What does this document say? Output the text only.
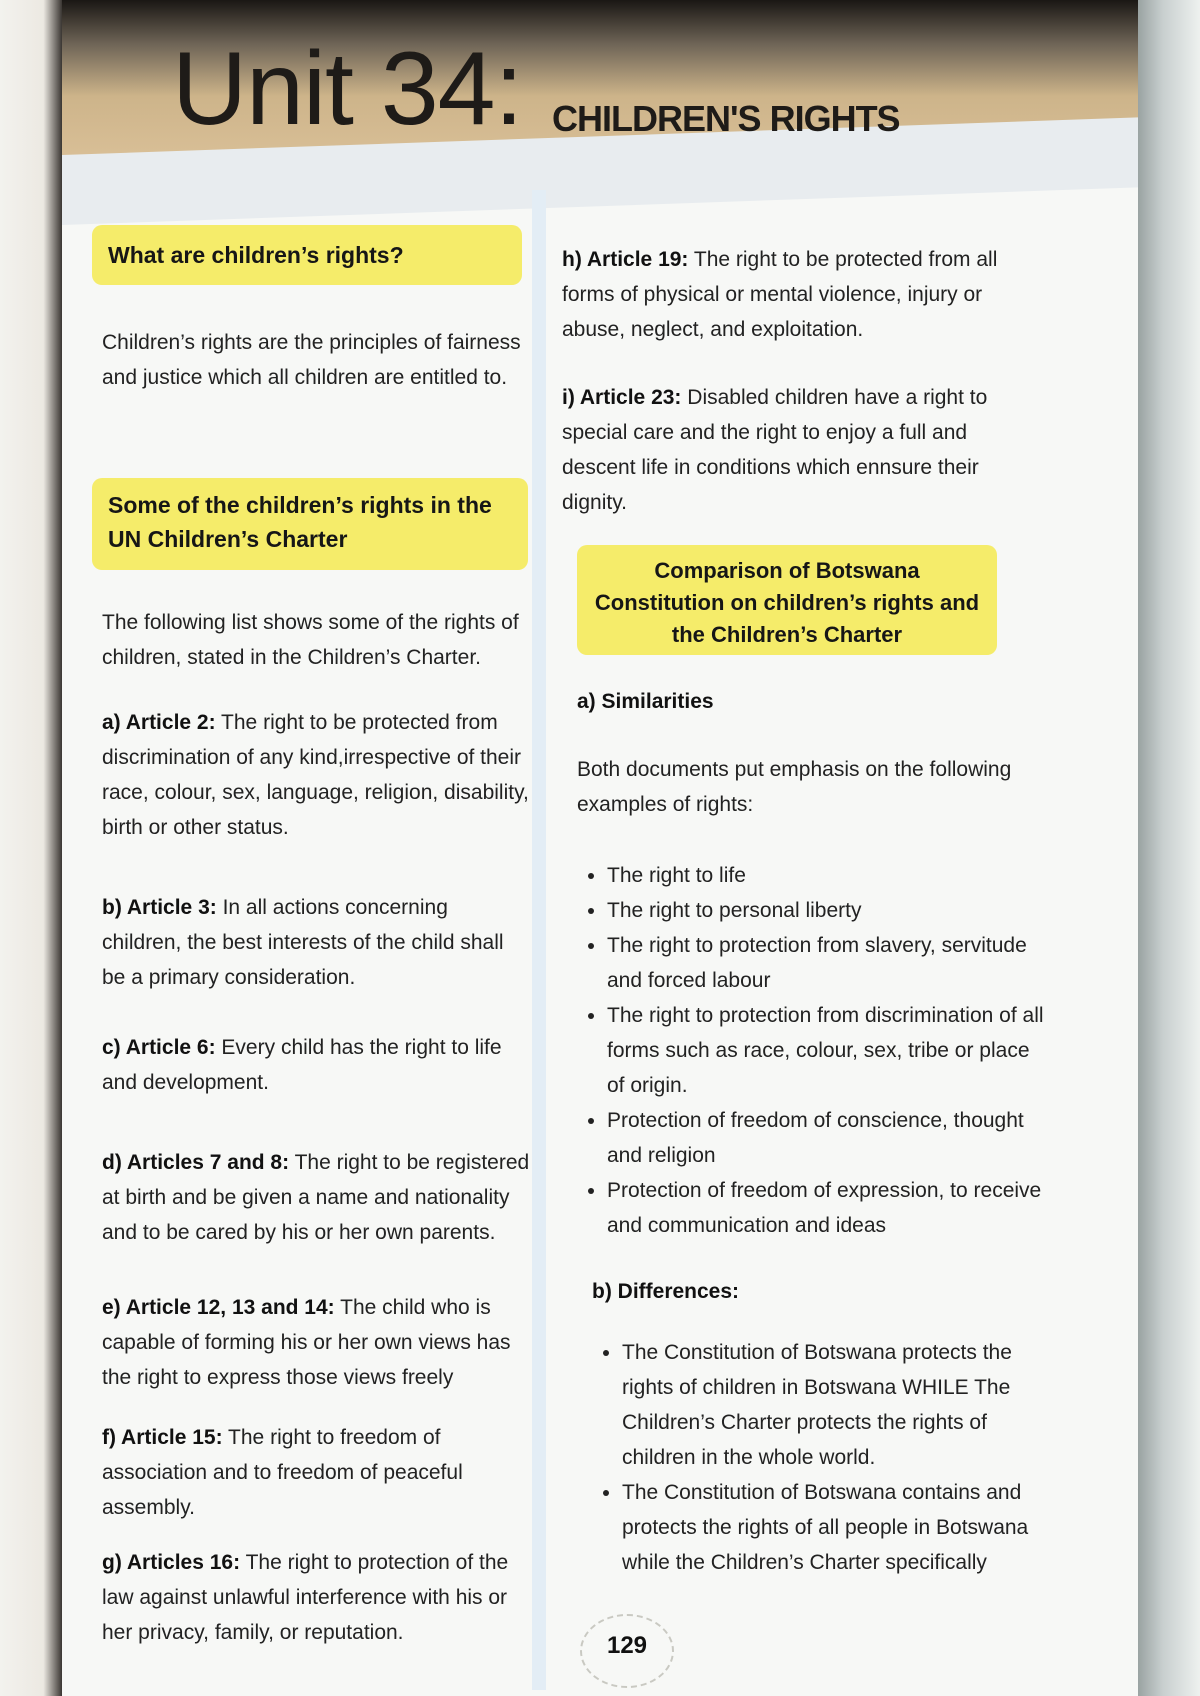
Unit 34: CHILDREN'S RIGHTS
What are children’s rights?

Children’s rights are the principles of fairness and justice which all children are entitled to.

Some of the children’s rights in the UN Children’s Charter

The following list shows some of the rights of children, stated in the Children’s Charter.

a) Article 2: The right to be protected from discrimination of any kind,irrespective of their race, colour, sex, language, religion, disability, birth or other status.

b) Article 3: In all actions concerning children, the best interests of the child shall be a primary consideration.

c) Article 6: Every child has the right to life and development.

d) Articles 7 and 8: The right to be registered at birth and be given a name and nationality and to be cared by his or her own parents.

e) Article 12, 13 and 14: The child who is capable of forming his or her own views has the right to express those views freely

f) Article 15: The right to freedom of association and to freedom of peaceful assembly.

g) Articles 16: The right to protection of the law against unlawful interference with his or her privacy, family, or reputation.

h) Article 19: The right to be protected from all forms of physical or mental violence, injury or abuse, neglect, and exploitation.

i) Article 23: Disabled children have a right to special care and the right to enjoy a full and descent life in conditions which ennsure their dignity.

Comparison of Botswana Constitution on children’s rights and the Children’s Charter

a) Similarities

Both documents put emphasis on the following examples of rights:

• The right to life
• The right to personal liberty
• The right to protection from slavery, servitude and forced labour
• The right to protection from discrimination of all forms such as race, colour, sex, tribe or place of origin.
• Protection of freedom of conscience, thought and religion
• Protection of freedom of expression, to receive and communication and ideas

b) Differences:

• The Constitution of Botswana protects the rights of children in Botswana WHILE The Children’s Charter protects the rights of children in the whole world.
• The Constitution of Botswana contains and protects the rights of all people in Botswana while the Children’s Charter specifically
129
